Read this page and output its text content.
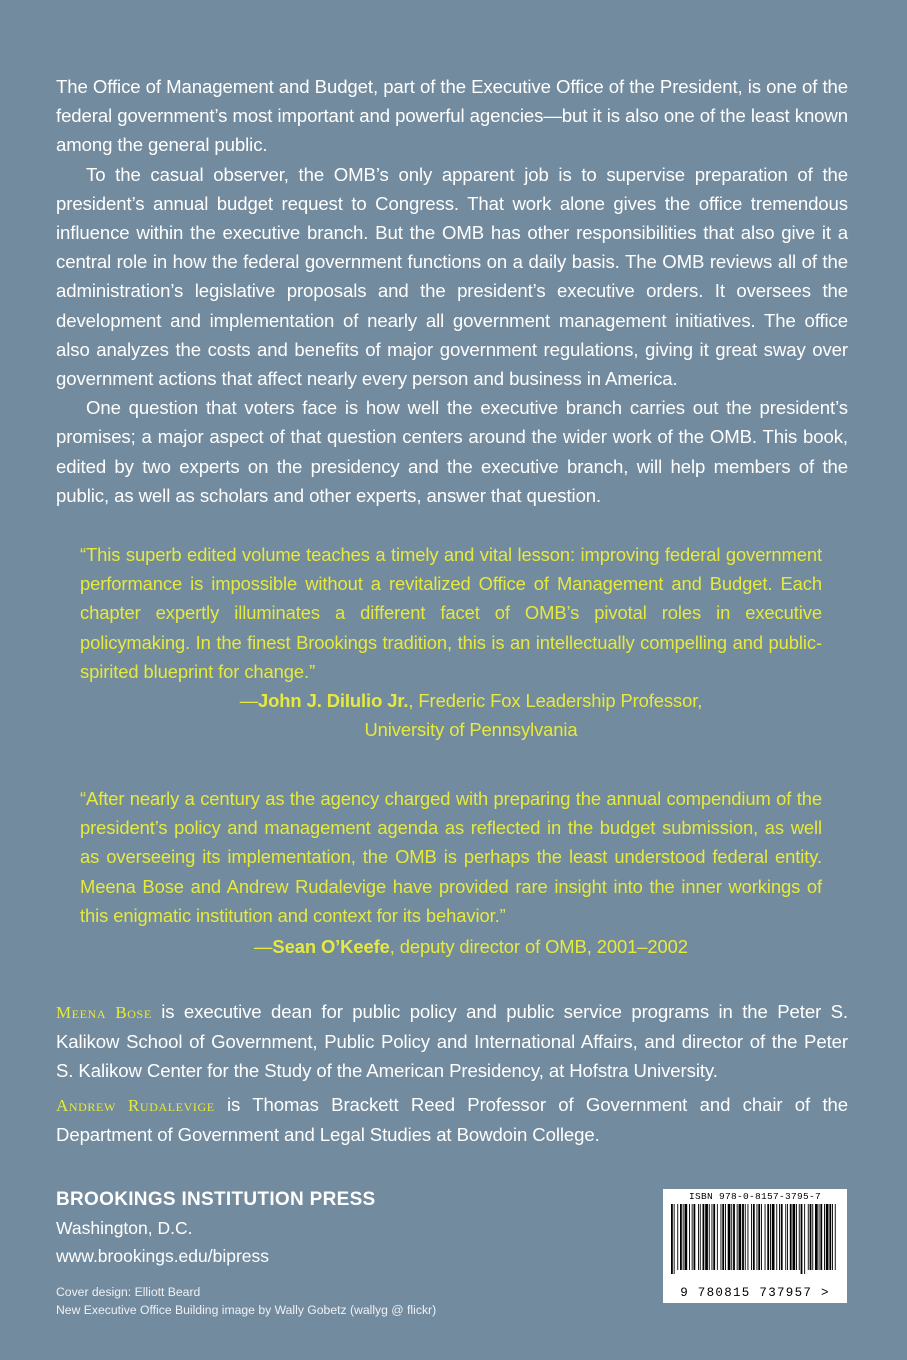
The Office of Management and Budget, part of the Executive Office of the President, is one of the federal government’s most important and powerful agencies—but it is also one of the least known among the general public.

To the casual observer, the OMB’s only apparent job is to supervise preparation of the president’s annual budget request to Congress. That work alone gives the office tremendous influence within the executive branch. But the OMB has other responsibilities that also give it a central role in how the federal government functions on a daily basis. The OMB reviews all of the administration’s legislative proposals and the president’s executive orders. It oversees the development and implementation of nearly all government management initiatives. The office also analyzes the costs and benefits of major government regulations, giving it great sway over government actions that affect nearly every person and business in America.

One question that voters face is how well the executive branch carries out the president’s promises; a major aspect of that question centers around the wider work of the OMB. This book, edited by two experts on the presidency and the executive branch, will help members of the public, as well as scholars and other experts, answer that question.

“This superb edited volume teaches a timely and vital lesson: improving federal government performance is impossible without a revitalized Office of Management and Budget. Each chapter expertly illuminates a different facet of OMB’s pivotal roles in executive policymaking. In the finest Brookings tradition, this is an intellectually compelling and public-spirited blueprint for change.”

—John J. DiIulio Jr., Frederic Fox Leadership Professor,
University of Pennsylvania

“After nearly a century as the agency charged with preparing the annual compendium of the president’s policy and management agenda as reflected in the budget submission, as well as overseeing its implementation, the OMB is perhaps the least understood federal entity. Meena Bose and Andrew Rudalevige have provided rare insight into the inner workings of this enigmatic institution and context for its behavior.”

—Sean O’Keefe, deputy director of OMB, 2001–2002

Meena Bose is executive dean for public policy and public service programs in the Peter S. Kalikow School of Government, Public Policy and International Affairs, and director of the Peter S. Kalikow Center for the Study of the American Presidency, at Hofstra University.

Andrew Rudalevige is Thomas Brackett Reed Professor of Government and chair of the Department of Government and Legal Studies at Bowdoin College.

BROOKINGS INSTITUTION PRESS
Washington, D.C.
www.brookings.edu/bipress
Cover design: Elliott Beard
New Executive Office Building image by Wally Gobetz (wallyg @ flickr)
ISBN 978-0-8157-3795-7
9 780815 737957 >
